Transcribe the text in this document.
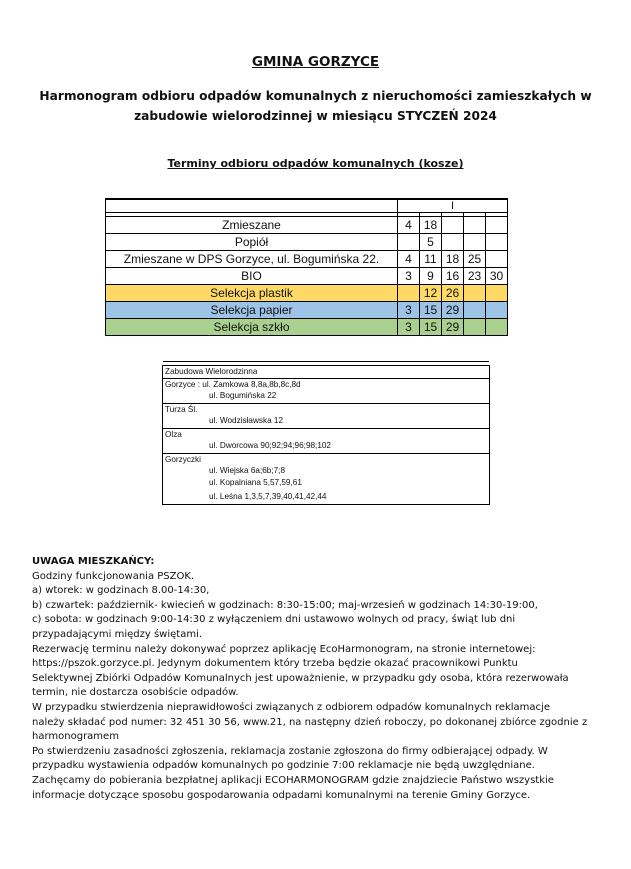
GMINA GORZYCE
Harmonogram odbioru odpadów komunalnych z nieruchomości zamieszkałych w
zabudowie wielorodzinnej w miesiącu STYCZEŃ 2024
Terminy odbioru odpadów komunalnych (kosze)
	I				

Zmieszane	4	18			
Popiół		5			
Zmieszane w DPS Gorzyce, ul. Bogumińska 22.	4	11	18	25	
BIO	3	9	16	23	30
Selekcja plastik		12	26		
Selekcja papier	3	15	29		
Selekcja szkło	3	15	29		
Zabudowa Wielorodzinna
Gorzyce : ul. Zamkowa 8,8a,8b,8c,8d
ul. Bogumińska 22
Turza Śl.
ul. Wodzisławska 12
Olza
ul. Dworcowa 90;92;94;96;98;102
Gorzyczki
ul. Wiejska 6a;6b;7;8
ul. Kopalniana 5,57,59,61
ul. Leśna 1,3,5,7,39,40,41,42,44

UWAGA MIESZKAŃCY:

Godziny funkcjonowania PSZOK.

a) wtorek: w godzinach 8.00-14:30,

b) czwartek: październik- kwiecień w godzinach: 8:30-15:00; maj-wrzesień w godzinach 14:30-19:00,

c) sobota: w godzinach 9:00-14:30 z wyłączeniem dni ustawowo wolnych od pracy, świąt lub dni

przypadającymi między świętami.

Rezerwację terminu należy dokonywać poprzez aplikację EcoHarmonogram, na stronie internetowej:

https://pszok.gorzyce.pl. Jedynym dokumentem który trzeba będzie okazać pracownikowi Punktu

Selektywnej Zbiórki Odpadów Komunalnych jest upoważnienie, w przypadku gdy osoba, która rezerwowała

termin, nie dostarcza osobiście odpadów.

W przypadku stwierdzenia nieprawidłowości związanych z odbiorem odpadów komunalnych reklamacje

należy składać pod numer: 32 451 30 56, www.21, na następny dzień roboczy, po dokonanej zbiórce zgodnie z

harmonogramem

Po stwierdzeniu zasadności zgłoszenia, reklamacja zostanie zgłoszona do firmy odbierającej odpady. W

przypadku wystawienia odpadów komunalnych po godzinie 7:00 reklamacje nie będą uwzględniane.

Zachęcamy do pobierania bezpłatnej aplikacji ECOHARMONOGRAM gdzie znajdziecie Państwo wszystkie

informacje dotyczące sposobu gospodarowania odpadami komunalnymi na terenie Gminy Gorzyce.
